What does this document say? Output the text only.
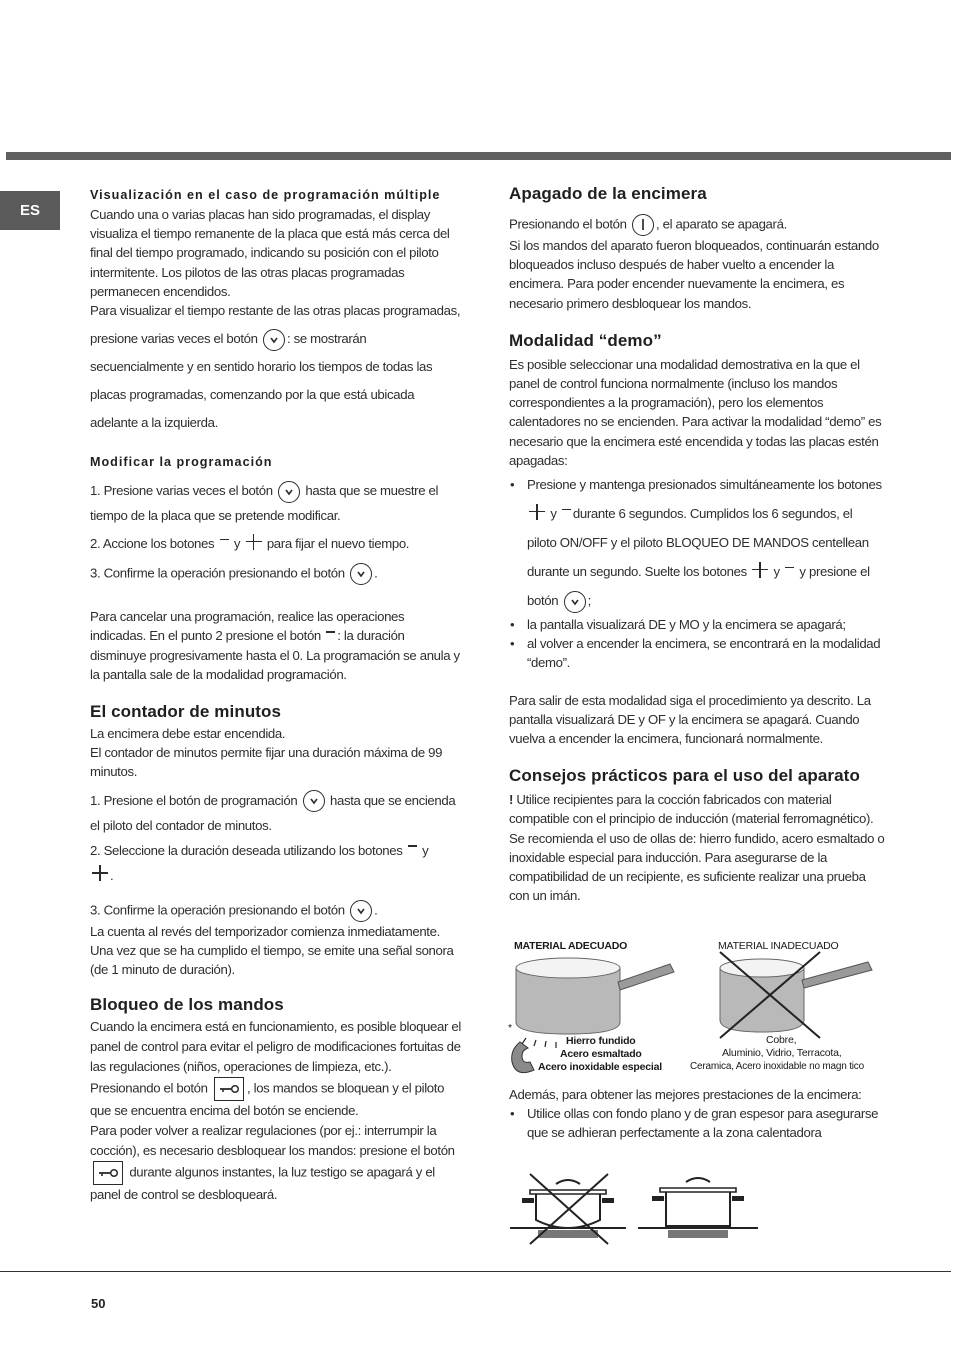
ES

Visualización en el caso de programación múltiple

Cuando una o varias placas han sido programadas, el display visualiza el tiempo remanente de la placa que está más cerca del final del tiempo programado, indicando su posición con el piloto intermitente. Los pilotos de las otras placas programadas permanecen encendidos.

Para visualizar el tiempo restante de las otras placas programadas, presione varias veces el botón : se mostrarán secuencialmente y en sentido horario los tiempos de todas las placas programadas, comenzando por la que está ubicada adelante a la izquierda.

Modificar la programación

1. Presione varias veces el botón hasta que se muestre el tiempo de la placa que se pretende modificar.

2. Accione los botones y para fijar el nuevo tiempo.

3. Confirme la operación presionando el botón .

Para cancelar una programación, realice las operaciones indicadas. En el punto 2 presione el botón : la duración disminuye progresivamente hasta el 0. La programación se anula y la pantalla sale de la modalidad programación.

El contador de minutos

La encimera debe estar encendida.

El contador de minutos permite fijar una duración máxima de 99 minutos.

1. Presione el botón de programación hasta que se encienda el piloto del contador de minutos.

2. Seleccione la duración deseada utilizando los botones y
.

3. Confirme la operación presionando el botón .

La cuenta al revés del temporizador comienza inmediatamente. Una vez que se ha cumplido el tiempo, se emite una señal sonora (de 1 minuto de duración).

Bloqueo de los mandos

Cuando la encimera está en funcionamiento, es posible bloquear el panel de control para evitar el peligro de modificaciones fortuitas de las regulaciones (niños, operaciones de limpieza, etc.). Presionando el botón	, los mandos se bloquean y el piloto que se encuentra encima del botón se enciende.

Para poder volver a realizar regulaciones (por ej.: interrumpir la cocción), es necesario desbloquear los mandos: presione el botón
durante algunos instantes, la luz testigo se apagará y el panel de control se desbloqueará.

Apagado de la encimera

Presionando el botón , el aparato se apagará.

Si los mandos del aparato fueron bloqueados, continuarán estando bloqueados incluso después de haber vuelto a encender la encimera. Para poder encender nuevamente la encimera, es necesario primero desbloquear los mandos.

Modalidad “demo”

Es posible seleccionar una modalidad demostrativa en la que el panel de control funciona normalmente (incluso los mandos correspondientes a la programación), pero los elementos calentadores no se encienden. Para activar la modalidad “demo” es necesario que la encimera esté encendida y todas las placas estén apagadas:

• Presione y mantenga presionados simultáneamente los botones  y durante 6 segundos. Cumplidos los 6 segundos, el piloto ON/OFF y el piloto BLOQUEO DE MANDOS centellean durante un segundo. Suelte los botones y y presione el botón ;
• la pantalla visualizará DE y MO y la encimera se apagará;
• al volver a encender la encimera, se encontrará en la modalidad “demo”.

Para salir de esta modalidad siga el procedimiento ya descrito. La pantalla visualizará DE y OF y la encimera se apagará. Cuando vuelva a encender la encimera, funcionará normalmente.

Consejos prácticos para el uso del aparato

! Utilice recipientes para la cocción fabricados con material compatible con el principio de inducción (material ferromagnético). Se recomienda el uso de ollas de: hierro fundido, acero esmaltado o inoxidable especial para inducción. Para asegurarse de la compatibilidad de un recipiente, es suficiente realizar una prueba con un imán.

MATERIAL ADECUADO	MATERIAL INADECUADO
*
Hierro fundido
Acero esmaltado
Acero inoxidable especial
Cobre,
Aluminio, Vidrio, Terracota,
Ceramica, Acero inoxidable no magn tico

Además, para obtener las mejores prestaciones de la encimera:

• Utilice ollas con fondo plano y de gran espesor para asegurarse que se adhieran perfectamente a la zona calentadora
50
